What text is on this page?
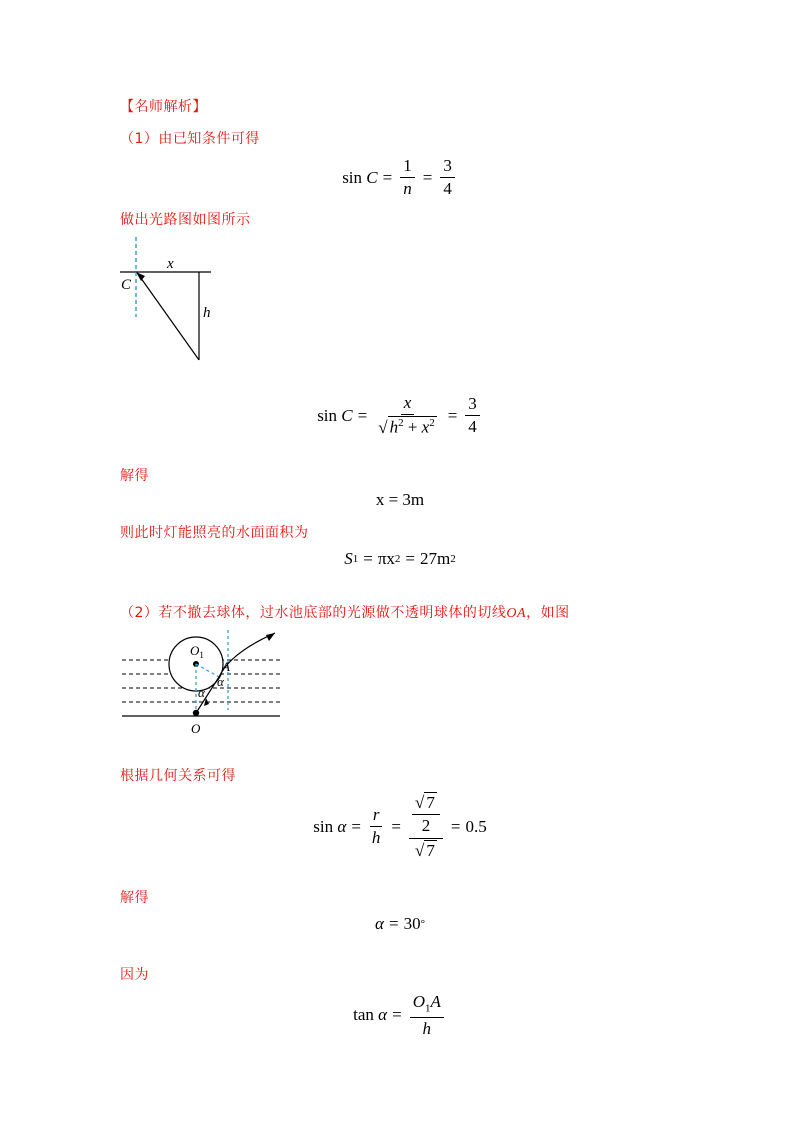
【名师解析】
（1）由已知条件可得
sin
$C = \frac{1}{n} = \frac{3}{4}$
做出光路图如图所示
x
C
h
sin
$C = \frac{x}{√ h^2 + x^2} = \frac{3}{4}$
解得
x = 3m
则此时灯能照亮的水面面积为
S 1 = πx 2 = 27m 2
（2）若不撤去球体，过水池底部的光源做不透明球体的切线OA，如图
$O_1$
A
α
α
O
根据几何关系可得
sin
$\alpha = \frac{r}{h} = \frac{\frac{√ 7}{2}}{√ 7} = 0.5$
解得
α = 30 °
因为
tan
$\alpha = \frac{O_1A}{h}$
